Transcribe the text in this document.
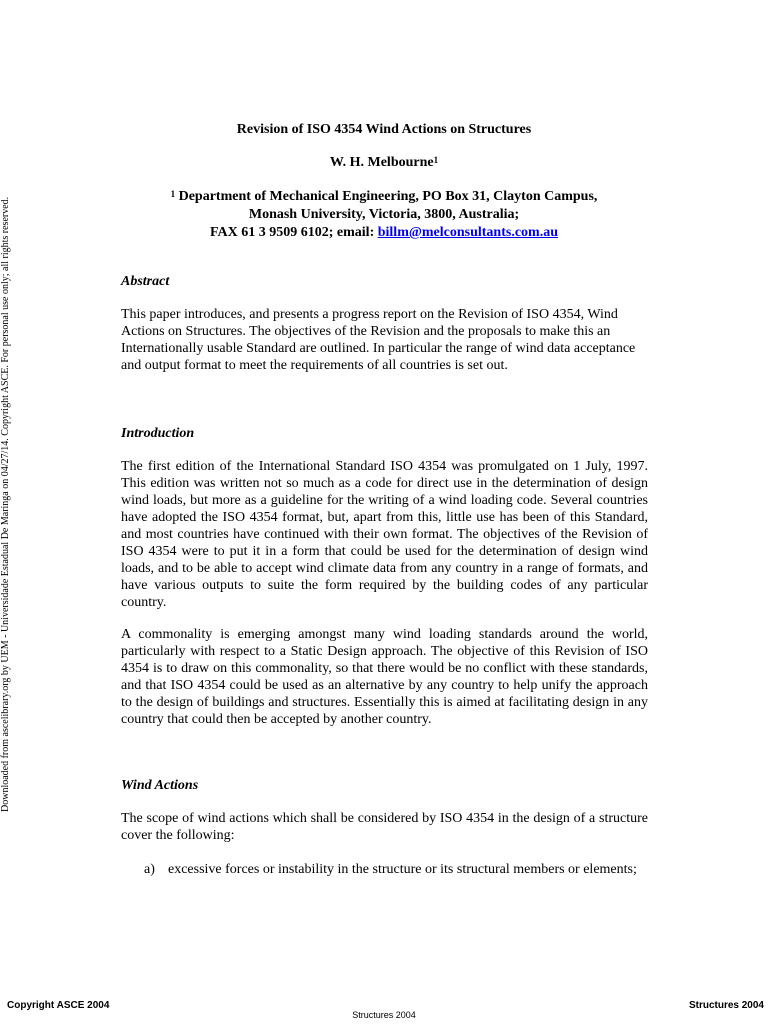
Downloaded from ascelibrary.org by UEM - Universidade Estadual De Maringa on 04/27/14. Copyright ASCE. For personal use only; all rights reserved.
Revision of ISO 4354 Wind Actions on Structures
W. H. Melbourne$^1$
$^1$ Department of Mechanical Engineering, PO Box 31, Clayton Campus,
Monash University, Victoria, 3800, Australia;
FAX 61 3 9509 6102; email: billm@melconsultants.com.au
Abstract

This paper introduces, and presents a progress report on the Revision of ISO 4354, Wind Actions on Structures. The objectives of the Revision and the proposals to make this an Internationally usable Standard are outlined. In particular the range of wind data acceptance and output format to meet the requirements of all countries is set out.

Introduction

The first edition of the International Standard ISO 4354 was promulgated on 1 July, 1997. This edition was written not so much as a code for direct use in the determination of design wind loads, but more as a guideline for the writing of a wind loading code. Several countries have adopted the ISO 4354 format, but, apart from this, little use has been of this Standard, and most countries have continued with their own format. The objectives of the Revision of ISO 4354 were to put it in a form that could be used for the determination of design wind loads, and to be able to accept wind climate data from any country in a range of formats, and have various outputs to suite the form required by the building codes of any particular country.

A commonality is emerging amongst many wind loading standards around the world, particularly with respect to a Static Design approach. The objective of this Revision of ISO 4354 is to draw on this commonality, so that there would be no conflict with these standards, and that ISO 4354 could be used as an alternative by any country to help unify the approach to the design of buildings and structures. Essentially this is aimed at facilitating design in any country that could then be accepted by another country.

Wind Actions

The scope of wind actions which shall be considered by ISO 4354 in the design of a structure cover the following:

a) excessive forces or instability in the structure or its structural members or elements;
Copyright ASCE 2004
Structures 2004
Structures 2004
